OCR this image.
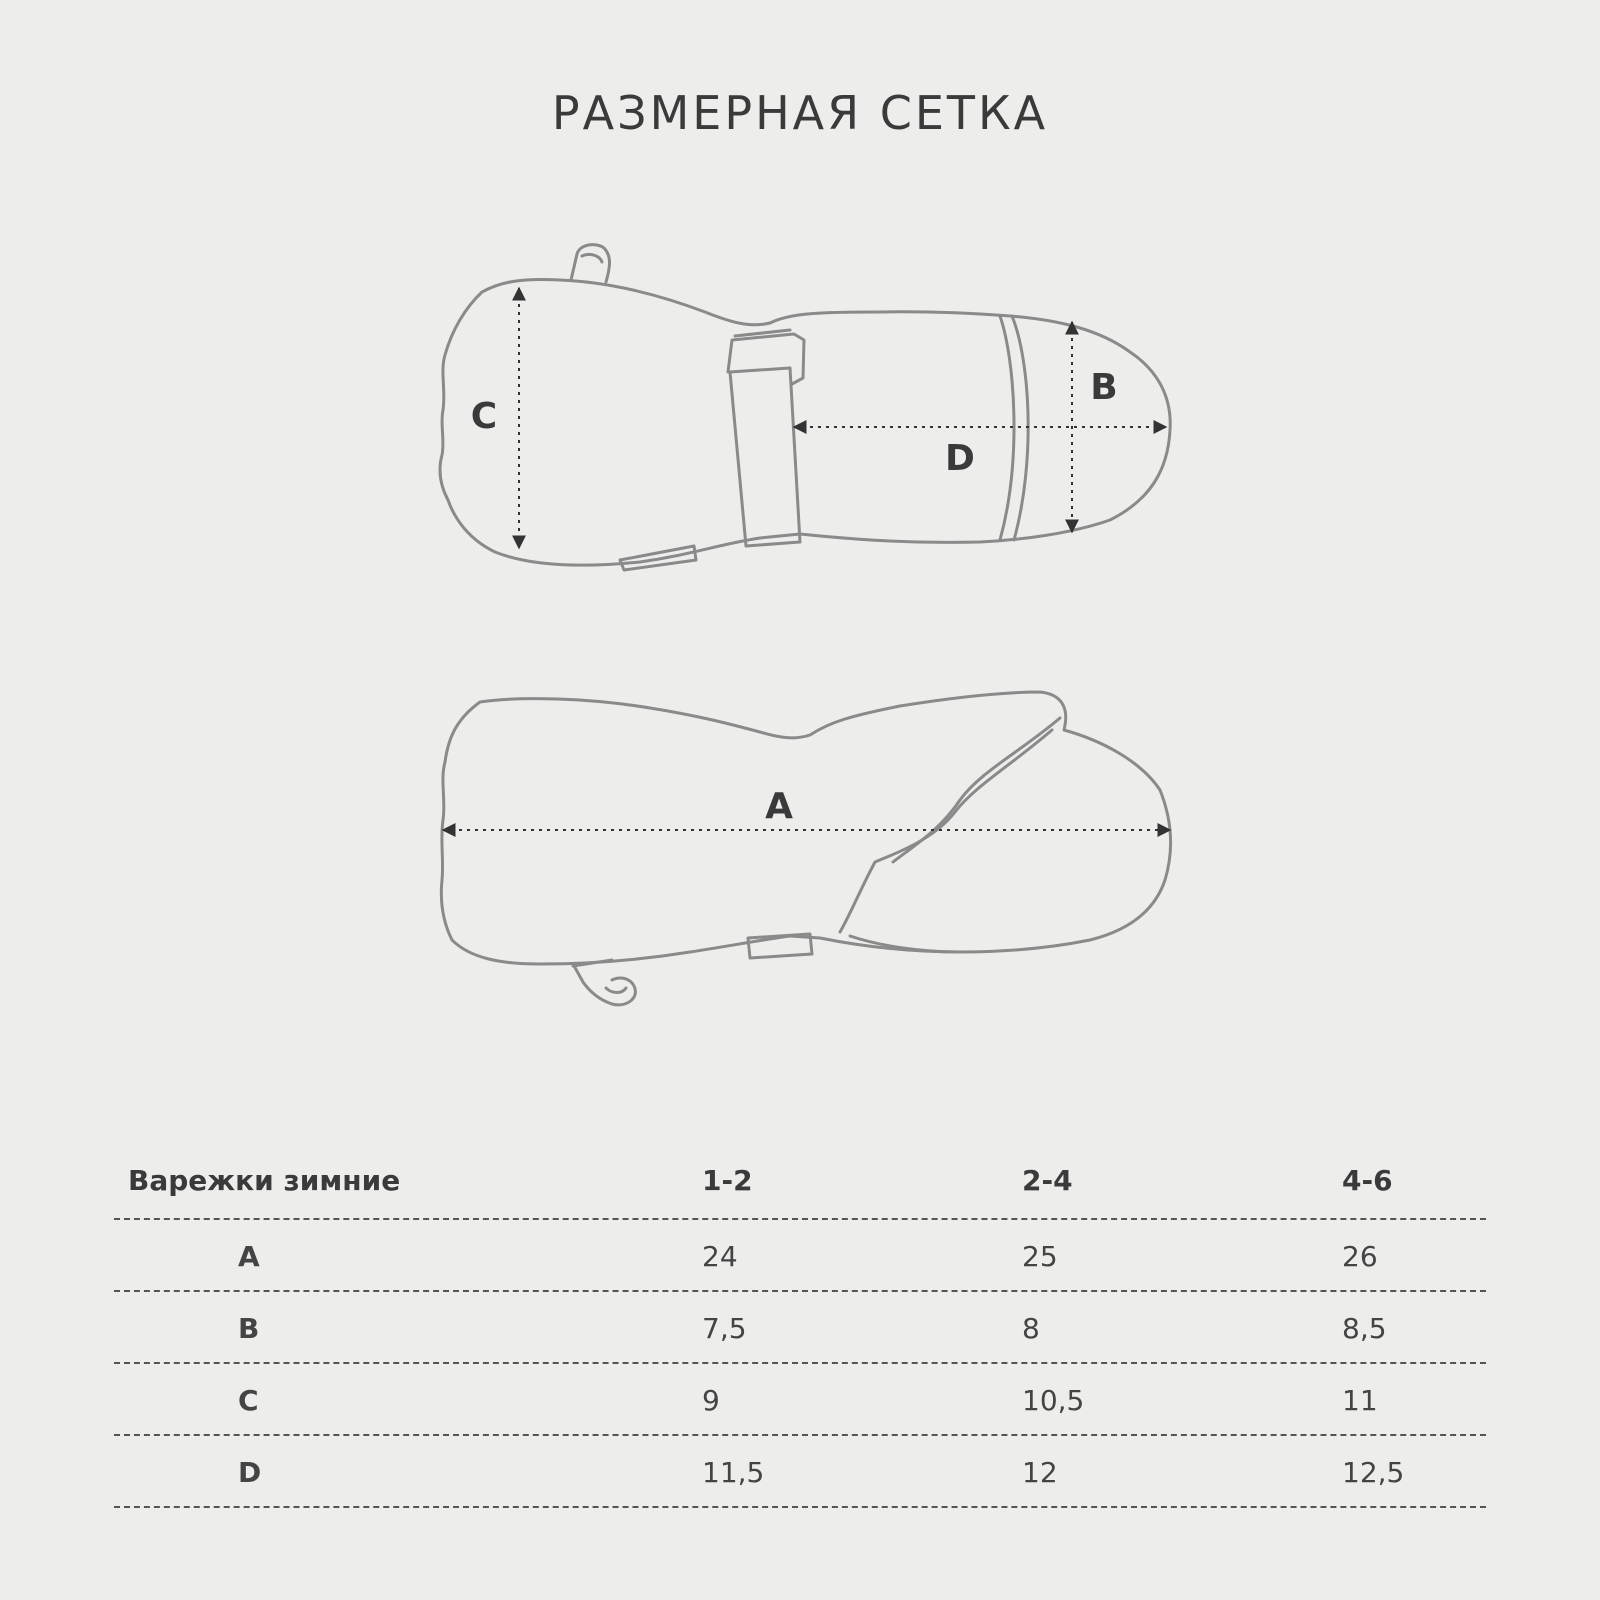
РАЗМЕРНАЯ СЕТКА
C
B
D
A
Варежки зимние	1-2	2-4	4-6
A	24	25	26
B	7,5	8	8,5
C	9	10,5	11
D	11,5	12	12,5
